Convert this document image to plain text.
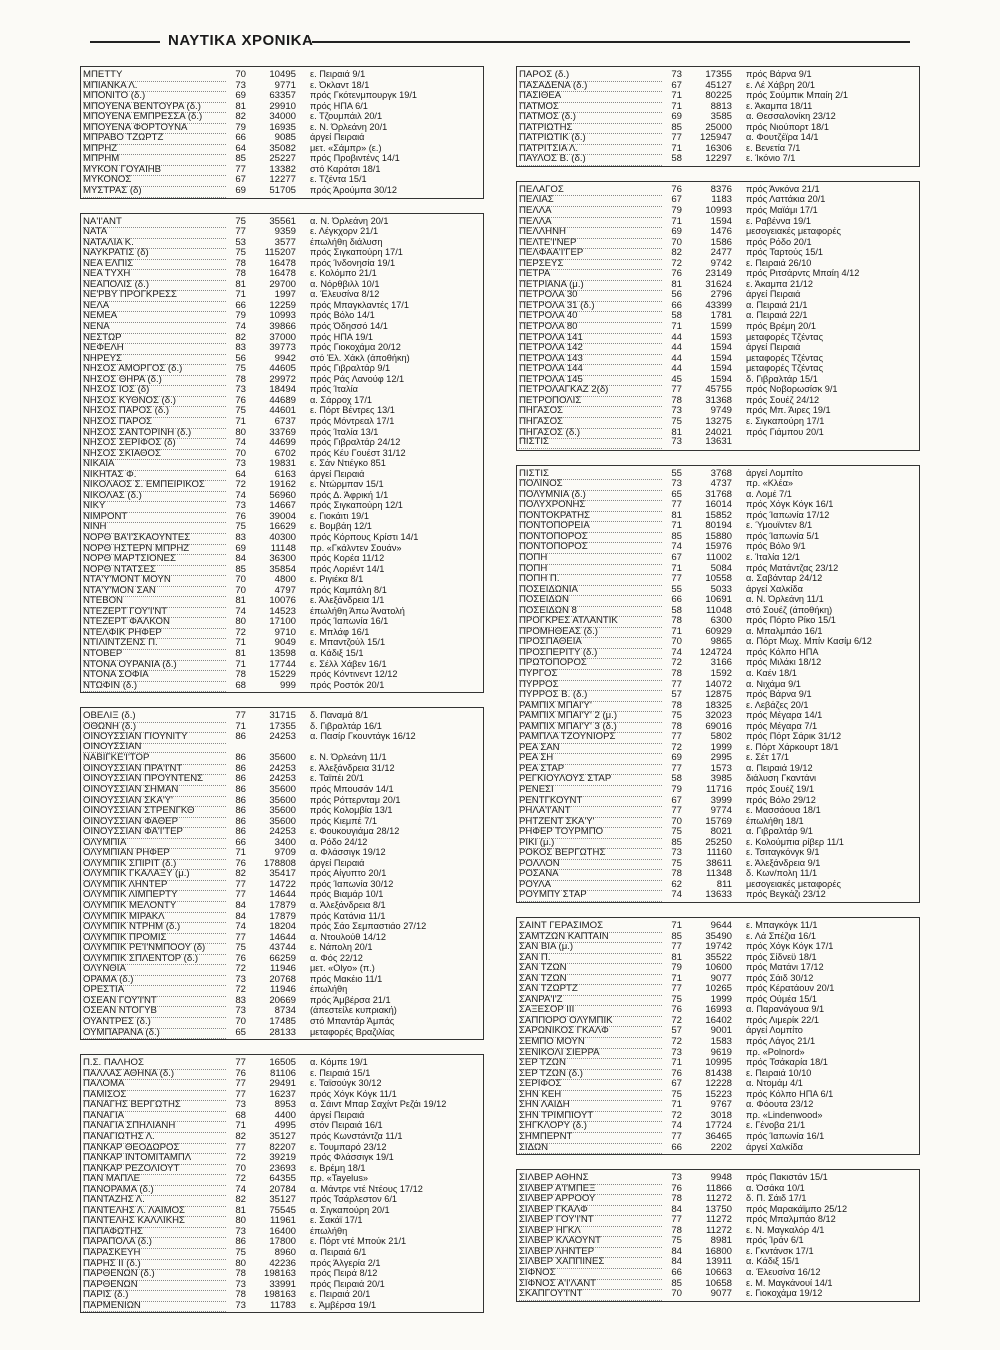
ΝΑΥΤΙΚΑ ΧΡΟΝΙΚΑ
ΜΠΕΤΤΥ	70	10495	ε. Πειραιά 9/1
ΜΠΙΑΝΚΑ Λ.	73	9771	ε. Όκλαντ 18/1
ΜΠΟΝΙΤΟ (δ.)	69	63357	πρός Γκότενμπουργκ 19/1
ΜΠΟΥΕΝΑ ΒΕΝΤΟΥΡΑ (δ.)	81	29910	πρός ΗΠΑ 6/1
ΜΠΟΥΕΝΑ ΕΜΠΡΕΣΣΑ (δ.)	82	34000	ε. Τζουμπάιλ 20/1
ΜΠΟΥΕΝΑ ΦΟΡΤΟΥΝΑ	79	16935	ε. Ν. Όρλεάνη 20/1
ΜΠΡΑΒΟ ΤΖΩΡΤΖ	66	9085	άργεί Πειραιά
ΜΠΡΗΖ	64	35082	μετ. «Σάμπρ» (ε.)
ΜΠΡΗΜ	85	25227	πρός Προβιντένς 14/1
ΜΥΚΟΝ ΓΟΥΑΙΗΒ	77	13382	στό Καράτσι 18/1
ΜΥΚΟΝΟΣ	67	12277	ε. Τζέντα 15/1
ΜΥΣΤΡΑΣ (δ)	69	51705	πρός Άρούμπα 30/12
ΝΑ'Ι'ΑΝΤ	75	35561	α. Ν. Όρλεάνη 20/1
ΝΑΤΑ	77	9359	ε. Λέγκχορν 21/1
ΝΑΤΑΛΙΑ Κ.	53	3577	έπωλήθη διάλυση
ΝΑΥΚΡΑΤΙΣ (δ)	75	115207	πρός Σιγκαπούρη 17/1
ΝΕΑ ΕΛΠΙΣ	78	16478	πρός Ίνδονησία 19/1
ΝΕΑ ΤΥΧΗ	78	16478	ε. Κολόμπο 21/1
ΝΕΑΠΟΛΙΣ (δ.)	81	29700	α. Νόρθβιλλ 10/1
ΝΕ'ΡΒΥ ΠΡΟΓΚΡΕΣΣ	71	1997	α. Έλευσίνα 8/12
ΝΕΛΑ	66	12259	πρός Μπαγκλαντές 17/1
ΝΕΜΕΑ	79	10993	πρός Βόλο 14/1
ΝΕΝΑ	74	39866	πρός Όδησσό 14/1
ΝΕΣΤΩΡ	82	37000	πρός ΗΠΑ 19/1
ΝΕΦΕΛΗ	83	39773	πρός Γιοκοχάμα 20/12
ΝΗΡΕΥΣ	56	9942	στό Έλ. Χάκλ (άποθήκη)
ΝΗΣΟΣ ΑΜΟΡΓΟΣ (δ.)	75	44605	πρός Γιβραλτάρ 9/1
ΝΗΣΟΣ ΘΗΡΑ (δ.)	78	29972	πρός Ράς Λανούφ 12/1
ΝΗΣΟΣ ΙΟΣ (δ)	73	18494	πρός Ίταλία
ΝΗΣΟΣ ΚΥΘΝΟΣ (δ.)	76	44689	α. Σάρροχ 17/1
ΝΗΣΟΣ ΠΑΡΟΣ (δ.)	75	44601	ε. Πόρτ Βέντρες 13/1
ΝΗΣΟΣ ΠΑΡΟΣ	71	6737	πρός Μόντρεαλ 17/1
ΝΗΣΟΣ ΣΑΝΤΟΡΙΝΗ (δ.)	80	33769	πρός Ίταλία 13/1
ΝΗΣΟΣ ΣΕΡΙΦΟΣ (δ)	74	44699	πρός Γιβραλτάρ 24/12
ΝΗΣΟΣ ΣΚΙΑΘΟΣ	70	6702	πρός Κέυ Γουέστ 31/12
ΝΙΚΑΙΑ	73	19831	ε. Σάν Ντιέγκο 851
ΝΙΚΗΤΑΣ Φ.	64	6163	άργεί Πειραιά
ΝΙΚΟΛΑΟΣ Σ. ΕΜΠΕΙΡΙΚΟΣ	72	19162	ε. Ντώρμπαν 15/1
ΝΙΚΟΛΑΣ (δ.)	74	56960	πρός Δ. Άφρική 1/1
ΝΙΚΥ	73	14667	πρός Σιγκαπούρη 12/1
ΝΙΜΡΟΝΤ	76	39004	ε. Γιοκάιτι 19/1
ΝΙΝΗ	75	16629	ε. Βομβάη 12/1
ΝΟΡΘ ΒΑ'Ι'ΣΚΑΟΥΝΤΕΣ	83	40300	πρός Κόρπους Κρίστι 14/1
ΝΟΡΘ ΗΣΤΕΡΝ ΜΠΡΗΖ	69	11148	πρ. «Γκάλντεν Σουάν»
ΝΟΡΘ ΜΑΡΤΣΙΟΝΕΣ	84	36300	πρός Κορέα 11/12
ΝΟΡΘ ΝΤΑΤΣΕΣ	85	35854	πρός Λοριέντ 14/1
ΝΤΑ'Υ'ΜΟΝΤ ΜΟΥΝ	70	4800	ε. Ριγιέκα 8/1
ΝΤΑ'Υ'ΜΟΝ ΣΑΝ	70	4797	πρός Καμπάλη 8/1
ΝΤΕΒΟΝ	81	10076	ε. Άλεξάνδρεια 1/1
ΝΤΕΖΕΡΤ ΓΟΥ'Ι'ΝΤ	74	14523	έπωλήθη Άπω Άνατολή
ΝΤΕΖΕΡΤ ΦΑΛΚΟΝ	80	17100	πρός Ίαπωνία 16/1
ΝΤΕΛΦΙΚ ΡΗΦΕΡ	72	9710	ε. Μπλάφ 16/1
ΝΤΙΛΙΝΤΖΕΝΣ Π.	71	9049	ε. Μπαντζούλ 15/1
ΝΤΟΒΕΡ	81	13598	α. Κάδιξ 15/1
ΝΤΟΝΑ ΟΥΡΑΝΙΑ (δ.)	71	17744	ε. Σέλλ Χάβεν 16/1
ΝΤΟΝΑ ΣΟΦΙΑ	78	15229	πρός Κόντινεντ 12/12
ΝΤΩΦΙΝ (δ.)	68	999	πρός Ροστόκ 20/1
ΟΒΕΛΙΞ (δ.)	77	31715	δ. Παναμά 8/1
ΟΘΩΝΗ (δ.)	71	17355	δ. Γιβραλτάρ 16/1
ΟΙΝΟΥΣΣΙΑΝ ΓΙΟΥΝΙΤΥ	86	24253	α. Πασίρ Γκουντάγκ 16/12
ΟΙΝΟΥΣΣΙΑΝ
ΝΑΒΙΓΚΕ'Ι'ΤΟΡ	86	35600	ε. Ν. Όρλεάνη 11/1
ΟΙΝΟΥΣΣΙΑΝ ΠΡΑ'Ι'ΝΤ	86	24253	ε. Άλεξάνδρεια 31/12
ΟΙΝΟΥΣΣΙΑΝ ΠΡΟΥΝΤΕΝΣ	86	24253	ε. Ταϊπέι 20/1
ΟΙΝΟΥΣΣΙΑΝ ΣΗΜΑΝ	86	35600	πρός Μπουσάν 14/1
ΟΙΝΟΥΣΣΙΑΝ ΣΚΑ'Υ'	86	35600	πρός Ρόττερνταμ 20/1
ΟΙΝΟΥΣΣΙΑΝ ΣΤΡΕΝΓΚΘ	86	35600	πρός Κολομβία 13/1
ΟΙΝΟΥΣΣΙΑΝ ΦΑΘΕΡ	86	35600	πρός Κιεμπέ 7/1
ΟΙΝΟΥΣΣΙΑΝ ΦΑ'Ι'ΤΕΡ	86	24253	ε. Φουκουγιάμα 28/12
ΟΛΥΜΠΙΑ	66	3400	α. Ρόδο 24/12
ΟΛΥΜΠΙΑΝ ΡΗΦΕΡ	71	9709	α. Φλάσσιγκ 19/12
ΟΛΥΜΠΙΚ ΣΠΙΡΙΤ (δ.)	76	178808	άργεί Πειραιά
ΟΛΥΜΠΙΚ ΓΚΑΛΑΞΥ (μ.)	82	35417	πρός Αίγυπτο 20/1
ΟΛΥΜΠΙΚ ΛΗΝΤΕΡ	77	14722	πρός Ίαπωνία 30/12
ΟΛΥΜΠΙΚ ΛΙΜΠΕΡΤΥ	77	14644	πρός Βιαμάρ 10/1
ΟΛΥΜΠΙΚ ΜΕΛΟΝΤΥ	84	17879	α. Άλεξάνδρεια 8/1
ΟΛΥΜΠΙΚ ΜΙΡΑΚΛ	84	17879	πρός Κατάνια 11/1
ΟΛΥΜΠΙΚ ΝΤΡΗΜ (δ.)	74	18204	πρός Σάο Σεμπαστιάο 27/12
ΟΛΥΜΠΙΚ ΠΡΟΜΙΣ	77	14644	α. Ντουλούθ 14/12
ΟΛΥΜΠΙΚ ΡΕ'Ι'ΝΜΠΟΟΥ (δ)	75	43744	ε. Νάπολη 20/1
ΟΛΥΜΠΙΚ ΣΠΛΕΝΤΟΡ (δ.)	76	66259	α. Φός 22/12
ΟΛΥΝΘΙΑ	72	11946	μετ. «Olyo» (π.)
ΟΡΑΜΑ (δ.)	73	20768	πρός Μακέιο 11/1
ΟΡΕΣΤΙΑ	72	11946	έπωλήθη
ΟΣΕΑΝ ΓΟΥ'Ι'ΝΤ	83	20669	πρός Άμβέρσα 21/1
ΟΣΕΑΝ ΝΤΟΓΥΒ	73	8734	(άπεστείλε κυπριακή)
ΟΥΑΝΤΡΕΣ (δ.)	70	17485	στό Μπαντάρ Άμπάς
ΟΥΜΠΑΡΑΝΑ (δ.)	65	28133	μεταφορές Βραζιλίας
Π.Σ. ΠΑΛΗΟΣ	77	16505	α. Κόμπε 19/1
ΠΑΛΛΑΣ ΑΘΗΝΑ (δ.)	76	81106	ε. Πειραιά 15/1
ΠΑΛΟΜΑ	77	29491	ε. Ταϊσούγκ 30/12
ΠΑΜΙΣΟΣ	77	16237	πρός Χόγκ Κόγκ 11/1
ΠΑΝΑΓΗΣ ΒΕΡΓΩΤΗΣ	73	8953	α. Σάιντ Μπαρ Σαχίντ Ρεζάι 19/12
ΠΑΝΑΓΙΑ	68	4400	άργεί Πειραιά
ΠΑΝΑΓΙΑ ΣΠΗΛΙΑΝΗ	71	4995	στόν Πειραιά 16/1
ΠΑΝΑΓΙΩΤΗΣ Λ.	82	35127	πρός Κωνστάντζα 11/1
ΠΑΝΚΑΡ ΘΕΟΔΩΡΟΣ	77	82207	ε. Τουμπαρό 23/12
ΠΑΝΚΑΡ ΙΝΤΟΜΙΤΑΜΠΛ	72	39219	πρός Φλάσσιγκ 19/1
ΠΑΝΚΑΡ ΡΕΖΟΛΙΟΥΤ	70	23693	ε. Βρέμη 18/1
ΠΑΝ ΜΑΠΛΕ	72	64355	πρ. «Tayelus»
ΠΑΝΟΡΑΜΑ (δ.)	74	20784	α. Μάντρε ντέ Ντέους 17/12
ΠΑΝΤΑΖΗΣ Λ.	82	35127	πρός Τσάρλεστον 6/1
ΠΑΝΤΕΛΗΣ Λ. ΛΑΙΜΟΣ	81	75545	α. Σιγκαπούρη 20/1
ΠΑΝΤΕΛΗΣ ΚΑΛΛΙΚΗΣ	80	11961	ε. Σακάϊ 17/1
ΠΑΠΑΦΩΤΗΣ	73	16400	έπωλήθη
ΠΑΡΑΠΟΛΑ (δ.)	86	17800	ε. Πόρτ ντέ Μπούκ 21/1
ΠΑΡΑΣΚΕΥΗ	75	8960	α. Πειραιά 6/1
ΠΑΡΗΣ ΙΙ (δ.)	80	42236	πρός Άλγερία 2/1
ΠΑΡΘΕΝΩΝ (δ.)	78	198163	πρός Πειρά 8/12
ΠΑΡΘΕΝΩΝ	73	33991	πρός Πειραιά 20/1
ΠΑΡΙΣ (δ.)	78	198163	ε. Πειραιά 20/1
ΠΑΡΜΕΝΙΩΝ	73	11783	ε. Άμβέρσα 19/1
ΠΑΡΟΣ (δ.)	73	17355	πρός Βάρνα 9/1
ΠΑΣΑΔΕΝΑ (δ.)	67	45127	ε. Λέ Χάβρη 20/1
ΠΑΣΙΘΕΑ	71	80225	πρός Σούμπικ Μπαίη 2/1
ΠΑΤΜΟΣ	71	8813	ε. Άκαμπα 18/11
ΠΑΤΜΟΣ (δ.)	69	3585	α. Θεσσαλονίκη 23/12
ΠΑΤΡΙΩΤΗΣ	85	25000	πρός Νιούπορτ 18/1
ΠΑΤΡΙΩΤΙΚ (δ.)	77	125947	α. Φουτζέϊρα 14/1
ΠΑΤΡΙΤΣΙΑ Λ.	71	16306	ε. Βενετία 7/1
ΠΑΥΛΟΣ Β. (δ.)	58	12297	ε. Ίκόνιο 7/1
ΠΕΛΑΓΟΣ	76	8376	πρός Άνκόνα 21/1
ΠΕΛΙΑΣ	67	1183	πρός Λαττάκια 20/1
ΠΕΛΛΑ	79	10993	πρός Μαϊάμι 17/1
ΠΕΛΛΑ	71	1594	ε. Ραβέννα 19/1
ΠΕΛΛΗΝΗ	69	1476	μεσογειακές μεταφορές
ΠΕΛΤΕ'Ι'ΝΕΡ	70	1586	πρός Ρόδο 20/1
ΠΕΛΦΑΑ'Ι'ΓΕΡ	82	2477	πρός Ταρτούς 15/1
ΠΕΡΣΕΥΣ	72	9742	ε. Πειραιά 26/10
ΠΕΤΡΑ	76	23149	πρός Ριτσάρντς Μπαίη 4/12
ΠΕΤΡΙΑΝΑ (μ.)	81	31624	ε. Άκαμπα 21/12
ΠΕΤΡΟΛΑ 30	56	2796	άργεί Πειραιά
ΠΕΤΡΟΛΑ 31 (δ.)	66	43399	α. Πειραιά 21/1
ΠΕΤΡΟΛΑ 40	58	1781	α. Πειραιά 22/1
ΠΕΤΡΟΛΑ 80	71	1599	πρός Βρέμη 20/1
ΠΕΤΡΟΛΑ 141	44	1593	μεταφορές Τζέντας
ΠΕΤΡΟΛΑ 142	44	1594	άργεί Πειραιά
ΠΕΤΡΟΛΑ 143	44	1594	μεταφορές Τζέντας
ΠΕΤΡΟΛΑ 144	44	1594	μεταφορές Τζέντας
ΠΕΤΡΟΛΑ 145	45	1594	δ. Γιβραλτάρ 15/1
ΠΕΤΡΟΛΑΓΚΑΖ 2(δ)	77	45755	πρός Νοβορωσίσκ 9/1
ΠΕΤΡΟΠΟΛΙΣ	78	31368	πρός Σουέζ 24/12
ΠΗΓΑΣΟΣ	73	9749	πρός Μπ. Άιρες 19/1
ΠΗΓΑΣΟΣ	75	13275	ε. Σιγκαπούρη 17/1
ΠΗΓΑΣΟΣ (δ.)	81	24021	πρός Γιάμπου 20/1
ΠΙΣΤΙΣ	73	13631
ΠΙΣΤΙΣ	55	3768	άργεί Λομπίτο
ΠΟΛΙΝΟΣ	73	4737	πρ. «Κλέα»
ΠΟΛΥΜΝΙΑ (δ.)	65	31768	α. Λομέ 7/1
ΠΟΛΥΧΡΟΝΗΣ	77	16014	πρός Χόγκ Κόγκ 16/1
ΠΟΝΤΟΚΡΑΤΗΣ	81	15852	πρός Ίαπωνία 17/12
ΠΟΝΤΟΠΟΡΕΙΑ	71	80194	ε. Ύμουϊντεν 8/1
ΠΟΝΤΟΠΟΡΟΣ	85	15880	πρός Ίαπωνία 5/1
ΠΟΝΤΟΠΟΡΟΣ	74	15976	πρός Βόλο 9/1
ΠΟΠΗ	67	11002	ε. Ίταλία 12/1
ΠΟΠΗ	71	5084	πρός Ματάντζας 23/12
ΠΟΠΗ Π.	77	10558	α. Σαβάνταρ 24/12
ΠΟΣΕΙΔΩΝΙΑ	55	5033	άργεί Χαλκίδα
ΠΟΣΕΙΔΩΝ	66	10691	α. Ν. Όρλεάνη 11/1
ΠΟΣΕΙΔΩΝ 8	58	11048	στό Σουέζ (άποθήκη)
ΠΡΟΓΚΡΕΣ ΑΤΛΑΝΤΙΚ	78	6300	πρός Πόρτο Ρίκο 15/1
ΠΡΟΜΗΘΕΑΣ (δ.)	71	60929	α. Μπαλμπάο 16/1
ΠΡΟΣΠΑΘΕΙΑ	70	9865	α. Πόρτ Μωχ. Μπίν Κασίμ 6/12
ΠΡΟΣΠΕΡΙΤΥ (δ.)	74	124724	πρός Κόλπο ΗΠΑ
ΠΡΩΤΟΠΟΡΟΣ	72	3166	πρός Μιλάκι 18/12
ΠΥΡΓΟΣ	78	1592	α. Καέν 18/1
ΠΥΡΡΟΣ	77	14072	α. Νιχάμα 9/1
ΠΥΡΡΟΣ Β. (δ.)	57	12875	πρός Βάρνα 9/1
ΡΑΜΠΙΧ ΜΠΑΙ'Υ'	78	18325	ε. Λεβάζες 20/1
ΡΑΜΠΙΧ ΜΠΑΙ'Υ' 2 (μ.)	75	32023	πρός Μέγαρα 14/1
ΡΑΜΠΙΧ ΜΠΑΙ'Υ' 3 (δ.)	78	69016	πρός Μέγαρα 7/1
ΡΑΜΠΛΑ ΤΖΟΥΝΙΟΡΣ	77	5802	πρός Πόρτ Σάρικ 31/12
ΡΕΑ ΣΑΝ	72	1999	ε. Πόρτ Χάρκουρτ 18/1
ΡΕΑ ΣΗ	69	2995	ε. Σέτ 17/1
ΡΕΑ ΣΤΑΡ	77	1573	α. Πειραιά 19/12
ΡΕΓΚΙΟΥΛΟΥΣ ΣΤΑΡ	58	3985	διάλυση Γκαντάνι
ΡΕΝΕΣΙ	79	11716	πρός Σουέζ 19/1
ΡΕΝΤΓΚΟΥΝΤ	67	3999	πρός Βόλο 29/12
ΡΗΛΑ'Ι'ΑΝΤ	77	9774	ε. Μασσάουα 18/1
ΡΗΤΖΕΝΤ ΣΚΑ'Υ'	70	15769	έπωλήθη 18/1
ΡΗΦΕΡ ΤΟΥΡΜΠΟ	75	8021	α. Γιβραλτάρ 9/1
ΡΙΚΙ (μ.)	85	25250	ε. Κολούμπια ρίβερ 11/1
ΡΟΚΟΣ ΒΕΡΓΩΤΗΣ	73	11160	ε. Τσιταγκόνγκ 9/1
ΡΟΛΛΟΝ	75	38611	ε. Άλεξάνδρεια 9/1
ΡΟΣΑΝΑ	78	11348	δ. Κων/πολη 11/1
ΡΟΥΛΑ	62	811	μεσογειακές μεταφορές
ΡΟΥΜΠΥ ΣΤΑΡ	74	13633	πρός Βεγκάζι 23/12
ΣΑΙΝΤ ΓΕΡΑΣΙΜΟΣ	71	9644	ε. Μπαγκόγκ 11/1
ΣΑΜΤΖΩΝ ΚΑΠΤΑΙΝ	85	35490	ε. Λά Σπέζια 16/1
ΣΑΝ ΒΙΑ (μ.)	77	19742	πρός Χόγκ Κόγκ 17/1
ΣΑΝ Π.	81	35522	πρός Σίδνεϋ 18/1
ΣΑΝ ΤΖΩΝ	79	10600	πρός Ματάνι 17/12
ΣΑΝ ΤΖΩΝ	71	9077	πρός Σάιδ 30/12
ΣΑΝ ΤΖΩΡΤΖ	77	10265	πρός Κέρατάουν 20/1
ΣΑΝΡΑ'Ι'Ζ	75	1999	πρός Ούμέα 15/1
ΣΑΞΕΣΟΡ ΙΙΙ	76	16993	α. Παρανάγουα 9/1
ΣΑΠΠΟΡΟ ΟΛΥΜΠΙΚ	72	16402	πρός Λιμερίκ 22/1
ΣΑΡΩΝΙΚΟΣ ΓΚΑΛΦ	57	9001	άργεί Λομπίτο
ΣΕΜΠΟ ΜΟΥΝ	72	1583	πρός Λάγος 21/1
ΣΕΝΙΚΟΛΙ ΣΙΕΡΡΑ	73	9619	πρ. «Polnord»
ΣΕΡ ΤΖΩΝ	71	10995	πρός Τσάκαρία 18/1
ΣΕΡ ΤΖΩΝ (δ.)	76	81438	ε. Πειραιά 10/10
ΣΕΡΙΦΟΣ	67	12228	α. Ντομάμ 4/1
ΣΗΝ ΚΕΗ	75	15223	πρός Κόλπο ΗΠΑ 6/1
ΣΗΝ ΛΑΙΔΗ	71	9767	α. Φόουτα 23/12
ΣΗΝ ΤΡΙΜΠΙΟΥΤ	72	3018	πρ. «Lindenwood»
ΣΗΓΚΛΟΡΥ (δ.)	74	17724	ε. Γένοβα 21/1
ΣΗΜΠΕΡΝΤ	77	36465	πρός Ίαπωνία 16/1
ΣΙΔΩΝ	66	2202	άργεί Χαλκίδα
ΣΙΛΒΕΡ ΑΘΗΝΣ	73	9948	πρός Πακιστάν 15/1
ΣΙΛΒΕΡ Α'Ι'ΜΠΕΞ	76	11866	α. Όσάκα 10/1
ΣΙΛΒΕΡ ΑΡΡΟΟΥ	78	11272	δ. Π. Σάιδ 17/1
ΣΙΛΒΕΡ ΓΚΑΛΦ	84	13750	πρός Μαρακάϊμπο 25/12
ΣΙΛΒΕΡ ΓΟΥ'Ι'ΝΤ	77	11272	πρός Μπαλμπάο 8/12
ΣΙΛΒΕΡ ΗΓΚΛ	78	11272	ε. Ν. Μαγκαλόρ 4/1
ΣΙΛΒΕΡ ΚΛΑΟΥΝΤ	75	8981	πρός Ίράν 6/1
ΣΙΛΒΕΡ ΛΗΝΤΕΡ	84	16800	ε. Γκντάνσκ 17/1
ΣΙΛΒΕΡ ΧΑΠΠΙΝΕΣ	84	13911	α. Κάδιξ 15/1
ΣΙΦΝΟΣ	66	10663	α. Έλευσίνα 16/12
ΣΙΦΝΟΣ Α'Ι'ΛΑΝΤ	85	10658	ε. Μ. Μαγκάνουί 14/1
ΣΚΑΠΓΟΥ'Ι'ΝΤ	70	9077	ε. Γιοκοχάμα 19/12
